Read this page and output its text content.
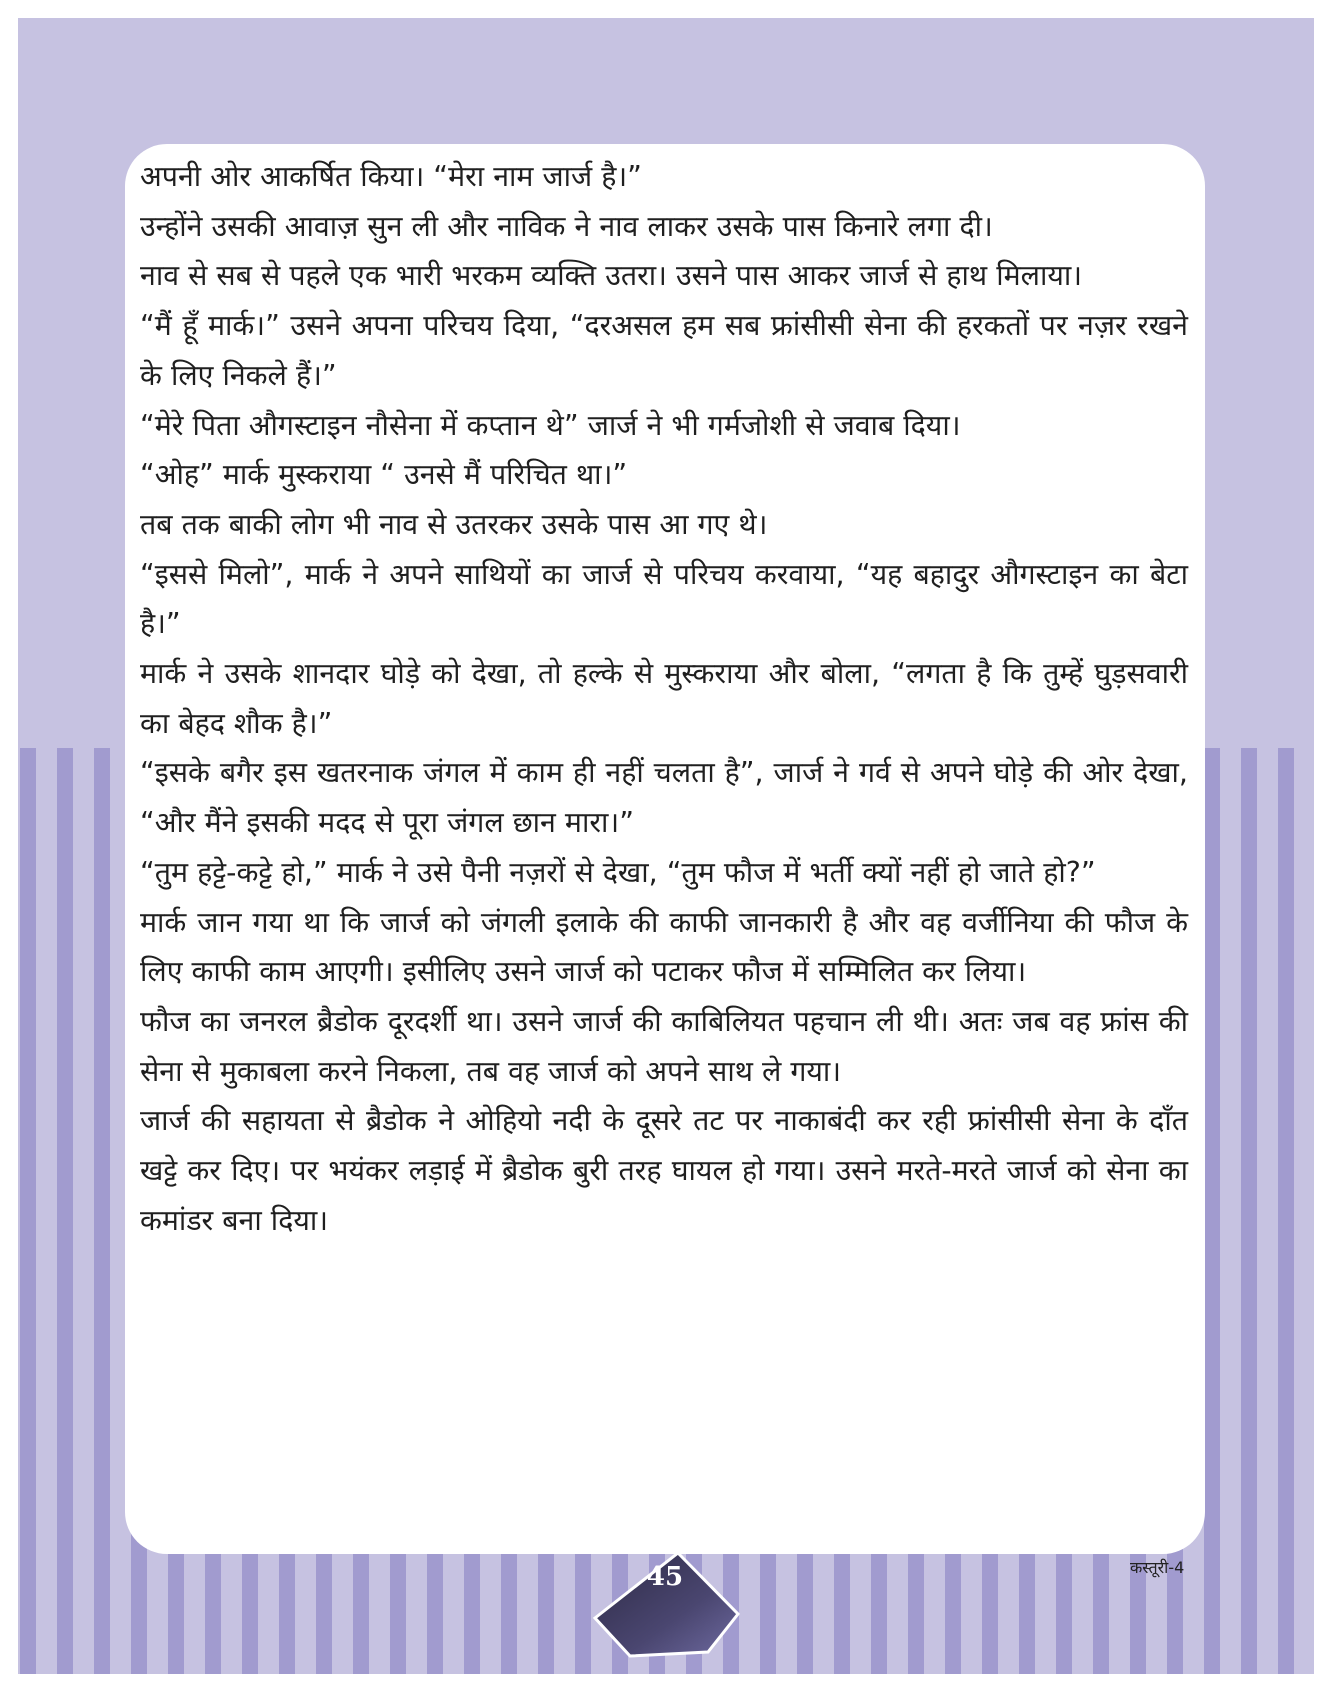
अपनी ओर आकर्षित किया। “मेरा नाम जार्ज है।”

उन्होंने उसकी आवाज़ सुन ली और नाविक ने नाव लाकर उसके पास किनारे लगा दी।

नाव से सब से पहले एक भारी भरकम व्यक्ति उतरा। उसने पास आकर जार्ज से हाथ मिलाया।

“मैं हूँ मार्क।” उसने अपना परिचय दिया, “दरअसल हम सब फ्रांसीसी सेना की हरकतों पर नज़र रखने के लिए निकले हैं।”

“मेरे पिता औगस्टाइन नौसेना में कप्तान थे” जार्ज ने भी गर्मजोशी से जवाब दिया।

“ओह” मार्क मुस्कराया “ उनसे मैं परिचित था।”

तब तक बाकी लोग भी नाव से उतरकर उसके पास आ गए थे।

“इससे मिलो”, मार्क ने अपने साथियों का जार्ज से परिचय करवाया, “यह बहादुर औगस्टाइन का बेटा है।”

मार्क ने उसके शानदार घोड़े को देखा, तो हल्के से मुस्कराया और बोला, “लगता है कि तुम्हें घुड़सवारी का बेहद शौक है।”

“इसके बगैर इस खतरनाक जंगल में काम ही नहीं चलता है”, जार्ज ने गर्व से अपने घोड़े की ओर देखा, “और मैंने इसकी मदद से पूरा जंगल छान मारा।”

“तुम हट्टे-कट्टे हो,” मार्क ने उसे पैनी नज़रों से देखा, “तुम फौज में भर्ती क्यों नहीं हो जाते हो?”

मार्क जान गया था कि जार्ज को जंगली इलाके की काफी जानकारी है और वह वर्जीनिया की फौज के लिए काफी काम आएगी। इसीलिए उसने जार्ज को पटाकर फौज में सम्मिलित कर लिया।

फौज का जनरल ब्रैडोक दूरदर्शी था। उसने जार्ज की काबिलियत पहचान ली थी। अतः जब वह फ्रांस की सेना से मुकाबला करने निकला, तब वह जार्ज को अपने साथ ले गया।

जार्ज की सहायता से ब्रैडोक ने ओहियो नदी के दूसरे तट पर नाकाबंदी कर रही फ्रांसीसी सेना के दाँत खट्टे कर दिए। पर भयंकर लड़ाई में ब्रैडोक बुरी तरह घायल हो गया। उसने मरते-मरते जार्ज को सेना का कमांडर बना दिया।

45	कस्तूरी-4
